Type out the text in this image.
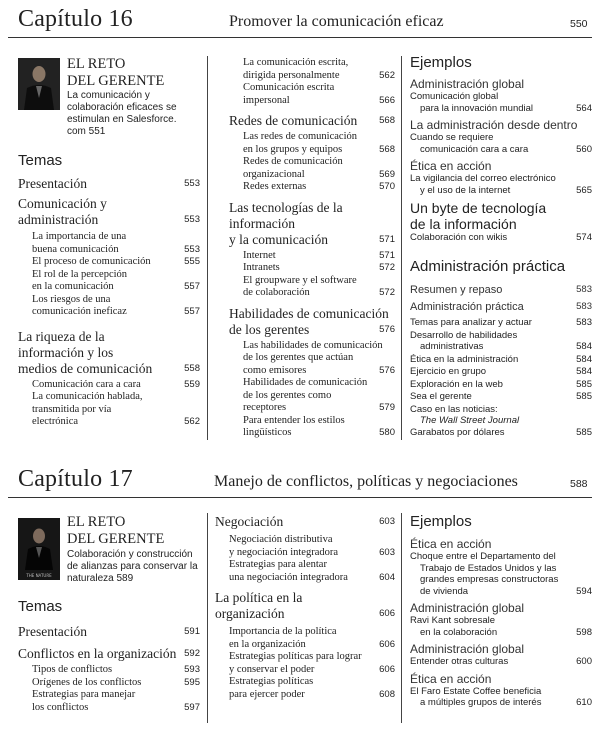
Capítulo 16	Promover la comunicación eficaz	550
EL RETO
DEL GERENTE
La comunicación y
colaboración eficaces se
estimulan en Salesforce.
com 551
Temas
Presentación	553
Comunicación y
administración	553
La importancia de una
buena comunicación	553
El proceso de comunicación	555
El rol de la percepción
en la comunicación	557
Los riesgos de una
comunicación ineficaz	557
La riqueza de la
información y los
medios de comunicación	558
Comunicación cara a cara	559
La comunicación hablada,
transmitida por vía
electrónica	562
La comunicación escrita,
dirigida personalmente	562
Comunicación escrita
impersonal	566
Redes de comunicación	568
Las redes de comunicación
en los grupos y equipos	568
Redes de comunicación
organizacional	569
Redes externas	570
Las tecnologías de la información
y la comunicación	571
Internet	571
Intranets	572
El groupware y el software
de colaboración	572
Habilidades de comunicación
de los gerentes	576
Las habilidades de comunicación
de los gerentes que actúan
como emisores	576
Habilidades de comunicación
de los gerentes como
receptores	579
Para entender los estilos
lingüísticos	580
Ejemplos
Administración global
Comunicación global
para la innovación mundial	564
La administración desde dentro
Cuando se requiere
comunicación cara a cara	560
Ética en acción
La vigilancia del correo electrónico
y el uso de la internet	565
Un byte de tecnología
de la información
Colaboración con wikis	574
Administración práctica
Resumen y repaso	583
Administración práctica	583
Temas para analizar y actuar	583
Desarrollo de habilidades
administrativas	584
Ética en la administración	584
Ejercicio en grupo	584
Exploración en la web	585
Sea el gerente	585
Caso en las noticias:
The Wall Street Journal
Garabatos por dólares	585
Capítulo 17	Manejo de conflictos, políticas y negociaciones	588
THE NATURE
EL RETO
DEL GERENTE
Colaboración y construcción
de alianzas para conservar la
naturaleza 589
Temas
Presentación	591
Conflictos en la organización 592
Tipos de conflictos	593
Orígenes de los conflictos	595
Estrategias para manejar
los conflictos	597
Negociación	603
Negociación distributiva
y negociación integradora	603
Estrategias para alentar
una negociación integradora	604
La política en la
organización	606
Importancia de la política
en la organización	606
Estrategias políticas para lograr
y conservar el poder	606
Estrategias políticas
para ejercer poder	608
Ejemplos
Ética en acción
Choque entre el Departamento del
Trabajo de Estados Unidos y las
grandes empresas constructoras
de vivienda	594
Administración global
Ravi Kant sobresale
en la colaboración	598
Administración global
Entender otras culturas	600
Ética en acción
El Faro Estate Coffee beneficia
a múltiples grupos de interés	610
